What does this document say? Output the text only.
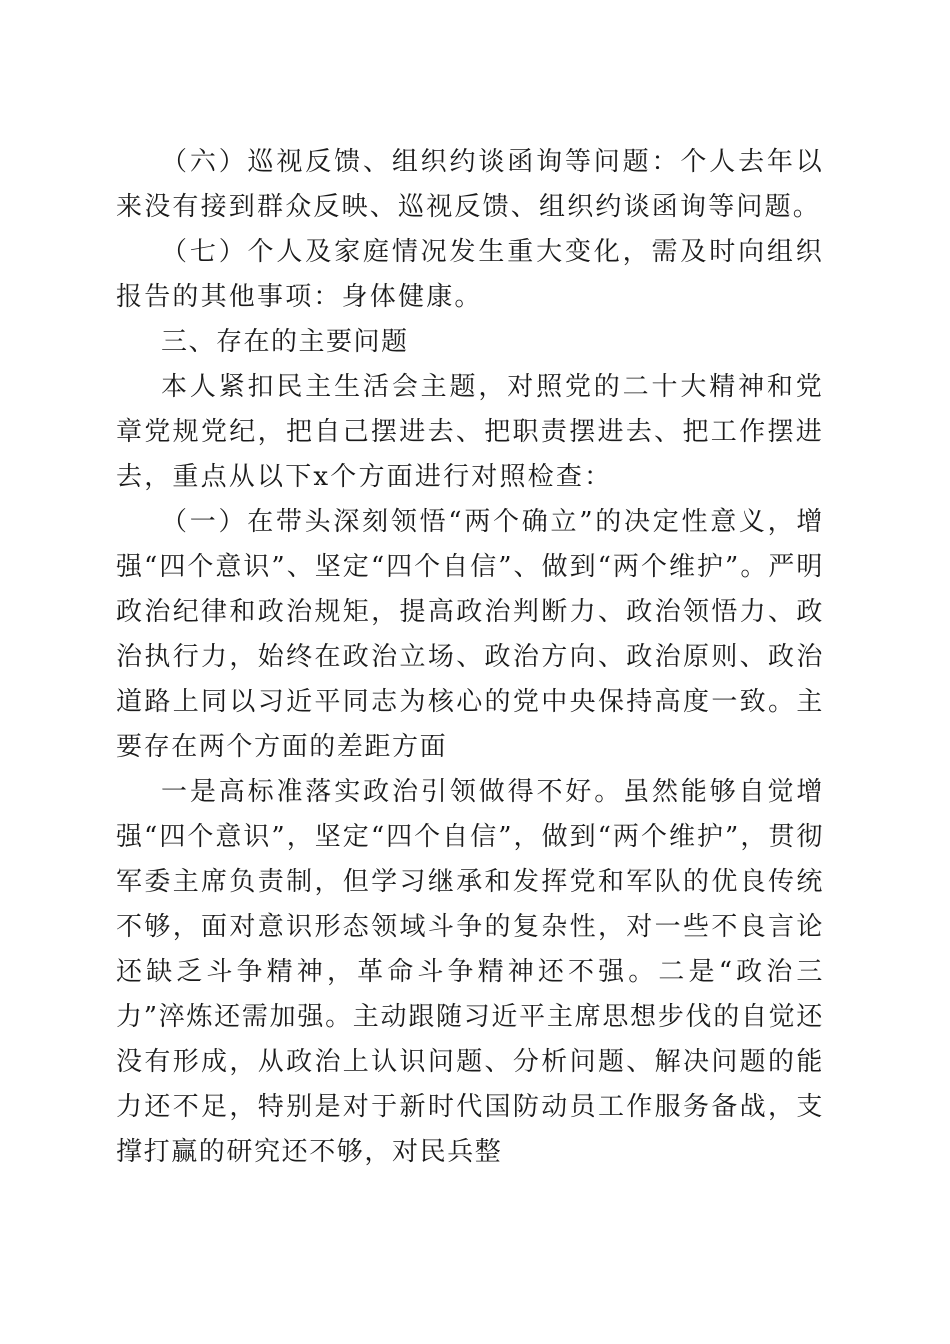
（六）巡视反馈、组织约谈函询等问题：个人去年以来没有接到群众反映、巡视反馈、组织约谈函询等问题。

（七）个人及家庭情况发生重大变化，需及时向组织报告的其他事项：身体健康。

三、存在的主要问题

本人紧扣民主生活会主题，对照党的二十大精神和党章党规党纪，把自己摆进去、把职责摆进去、把工作摆进去，重点从以下x个方面进行对照检查：

（一）在带头深刻领悟“两个确立”的决定性意义，增强“四个意识”、坚定“四个自信”、做到“两个维护”。严明政治纪律和政治规矩，提高政治判断力、政治领悟力、政治执行力，始终在政治立场、政治方向、政治原则、政治道路上同以习近平同志为核心的党中央保持高度一致。主要存在两个方面的差距方面

一是高标准落实政治引领做得不好。虽然能够自觉增强“四个意识”，坚定“四个自信”，做到“两个维护”，贯彻军委主席负责制，但学习继承和发挥党和军队的优良传统不够，面对意识形态领域斗争的复杂性，对一些不良言论还缺乏斗争精神，革命斗争精神还不强。二是“政治三力”淬炼还需加强。主动跟随习近平主席思想步伐的自觉还没有形成，从政治上认识问题、分析问题、解决问题的能力还不足，特别是对于新时代国防动员工作服务备战，支撑打赢的研究还不够，对民兵整
